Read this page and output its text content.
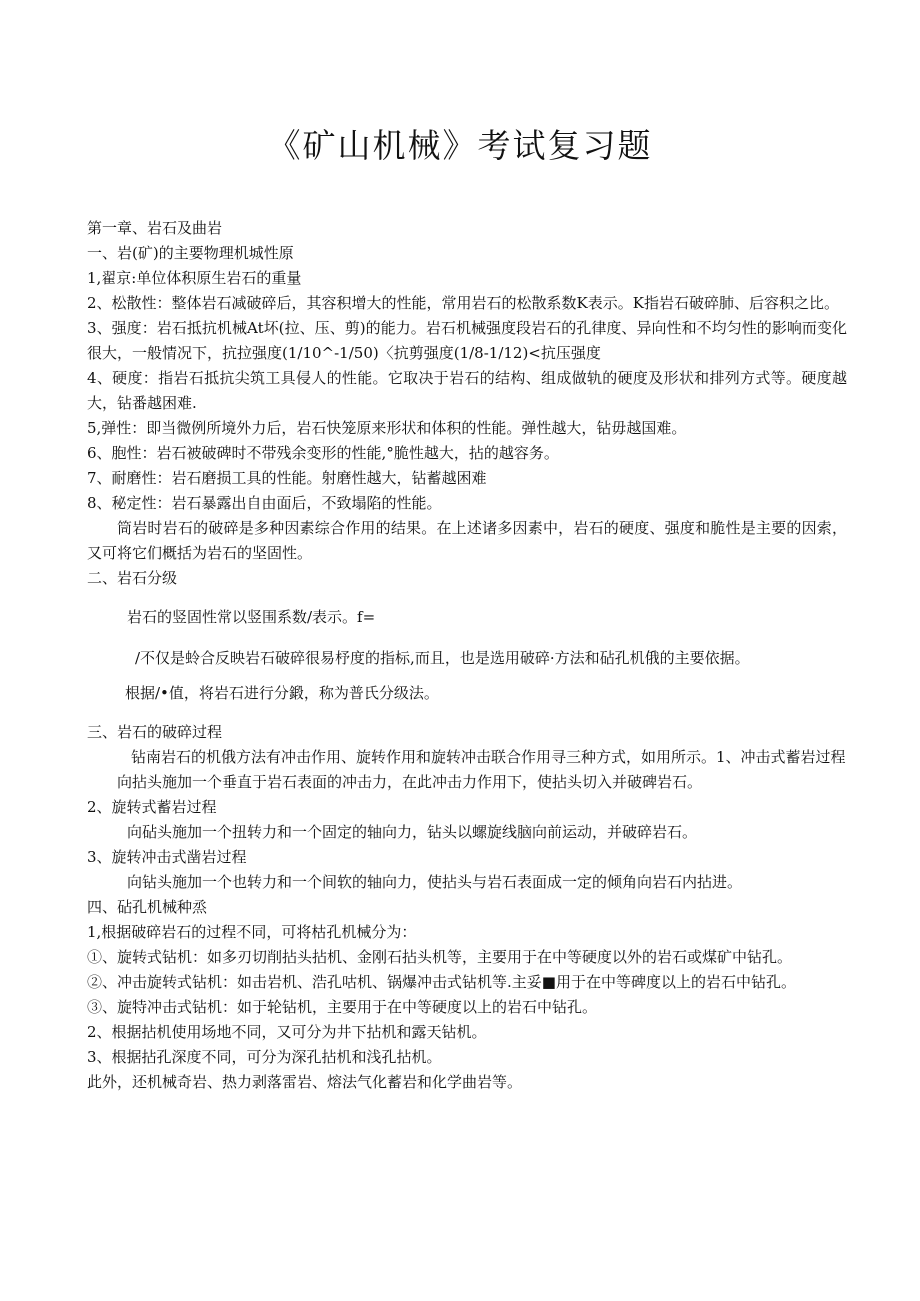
《矿山机械》考试复习题

第一章、岩石及曲岩

一、岩(矿)的主要物理机城性原

1,翟京:单位体积原生岩石的重量

2、松散性：整体岩石减破碎后，其容积增大的性能，常用岩石的松散系数K表示。K指岩石破碎肺、后容积之比。

3、强度：岩石抵抗机械At坏(拉、压、剪)的能力。岩石机械强度段岩石的孔律度、异向性和不均匀性的影响而变化很大，一般情况下，抗拉强度(1/10^-1/50)〈抗剪强度(1/8-1/12)<抗压强度

4、硬度：指岩石抵抗尖筑工具侵人的性能。它取决于岩石的结构、组成做轨的硬度及形状和排列方式等。硬度越大，钻番越困难.

5,弹性：即当微例所境外力后，岩石快笼原来形状和体积的性能。弹性越大，钻毋越国难。

6、胞性：岩石被破碑时不带残余变形的性能,°脆性越大，拈的越容务。

7、耐磨性：岩石磨损工具的性能。射磨性越大，钻蓄越困难

8、秘定性：岩石暴露出自由面后，不致塌陷的性能。

筒岩时岩石的破碎是多种因素综合作用的结果。在上述诸多因素中，岩石的硬度、强度和脆性是主要的因索，又可将它们概括为岩石的坚固性。

二、岩石分级

岩石的竖固性常以竖围系数/表示。f=

/不仅是蛉合反映岩石破碎很易杼度的指标,而且，也是选用破碎·方法和砧孔机俄的主要依据。

根据/•值，将岩石进行分鍛，称为普氏分级法。

三、岩石的破碎过程

钻南岩石的机俄方法有冲击作用、旋转作用和旋转冲击联合作用寻三种方式，如用所示。1、冲击式蓄岩过程

向拈头施加一个垂直于岩石表面的冲击力，在此冲击力作用下，使拈头切入并破碑岩石。

2、旋转式蓄岩过程

向砧头施加一个扭转力和一个固定的轴向力，钻头以螺旋线脑向前运动，并破碎岩石。

3、旋转冲击式凿岩过程

向钻头施加一个也转力和一个间软的轴向力，使拈头与岩石表面成一定的倾角向岩石内拈进。

四、砧孔机械种烝

1,根据破碎岩石的过程不同，可将枯孔机械分为：

①、旋转式钻机：如多刃切削拈头拈机、金刚石拈头机等，主要用于在中等硬度以外的岩石或煤矿中钻孔。

②、冲击旋转式钻机：如击岩机、浩孔咕机、锅爆冲击式钻机等.主妥■用于在中等碑度以上的岩石中钻孔。

③、旋特冲击式钻机：如于轮钻机，主要用于在中等硬度以上的岩石中钻孔。

2、根据拈机使用场地不同，又可分为井下拈机和露天钻机。

3、根据拈孔深度不同，可分为深孔拈机和浅孔拈机。

此外，还机械奇岩、热力剥落雷岩、熔法气化蓄岩和化学曲岩等。
